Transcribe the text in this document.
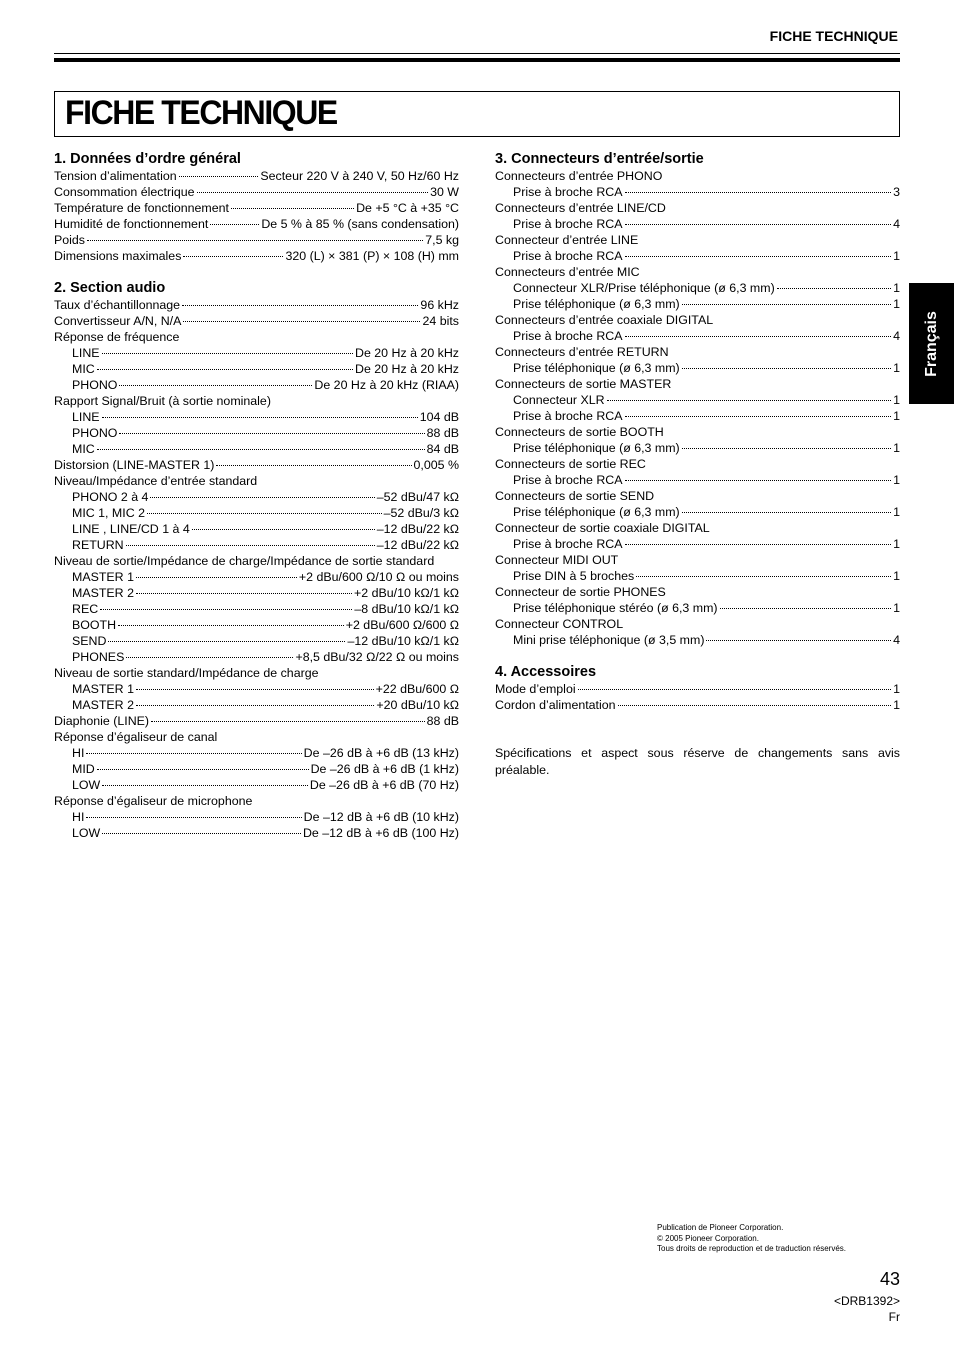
FICHE TECHNIQUE
FICHE TECHNIQUE
Français
1. Données d’ordre général
Tension d’alimentation	Secteur 220 V à 240 V, 50 Hz/60 Hz
Consommation électrique	30 W
Température de fonctionnement	De +5 °C à +35 °C
Humidité de fonctionnement	De 5 % à 85 % (sans condensation)
Poids	7,5 kg
Dimensions maximales	320 (L) × 381 (P) × 108 (H) mm
2. Section audio
Taux d’échantillonnage	96 kHz
Convertisseur A/N, N/A	24 bits
Réponse de fréquence
LINE	De 20 Hz à 20 kHz
MIC	De 20 Hz à 20 kHz
PHONO	De 20 Hz à 20 kHz (RIAA)
Rapport Signal/Bruit (à sortie nominale)
LINE	104 dB
PHONO	88 dB
MIC	84 dB
Distorsion (LINE-MASTER 1)	0,005 %
Niveau/Impédance d’entrée standard
PHONO 2 à 4	–52 dBu/47 kΩ
MIC 1, MIC 2	–52 dBu/3 kΩ
LINE , LINE/CD 1 à 4	–12 dBu/22 kΩ
RETURN	–12 dBu/22 kΩ
Niveau de sortie/Impédance de charge/Impédance de sortie standard
MASTER 1	+2 dBu/600 Ω/10 Ω ou moins
MASTER 2	+2 dBu/10 kΩ/1 kΩ
REC	–8 dBu/10 kΩ/1 kΩ
BOOTH	+2 dBu/600 Ω/600 Ω
SEND	–12 dBu/10 kΩ/1 kΩ
PHONES	+8,5 dBu/32 Ω/22 Ω ou moins
Niveau de sortie standard/Impédance de charge
MASTER 1	+22 dBu/600 Ω
MASTER 2	+20 dBu/10 kΩ
Diaphonie (LINE)	88 dB
Réponse d’égaliseur de canal
HI	De –26 dB à +6 dB (13 kHz)
MID	De –26 dB à +6 dB (1 kHz)
LOW	De –26 dB à +6 dB (70 Hz)
Réponse d’égaliseur de microphone
HI	De –12 dB à +6 dB (10 kHz)
LOW	De –12 dB à +6 dB (100 Hz)
3. Connecteurs d’entrée/sortie
Connecteurs d’entrée PHONO
Prise à broche RCA	3
Connecteurs d’entrée LINE/CD
Prise à broche RCA	4
Connecteur d’entrée LINE
Prise à broche RCA	1
Connecteurs d’entrée MIC
Connecteur XLR/Prise téléphonique (ø 6,3 mm)	1
Prise téléphonique (ø 6,3 mm)	1
Connecteurs d’entrée coaxiale DIGITAL
Prise à broche RCA	4
Connecteurs d’entrée RETURN
Prise téléphonique (ø 6,3 mm)	1
Connecteurs de sortie MASTER
Connecteur XLR	1
Prise à broche RCA	1
Connecteurs de sortie BOOTH
Prise téléphonique (ø 6,3 mm)	1
Connecteurs de sortie REC
Prise à broche RCA	1
Connecteurs de sortie SEND
Prise téléphonique (ø 6,3 mm)	1
Connecteur de sortie coaxiale DIGITAL
Prise à broche RCA	1
Connecteur MIDI OUT
Prise DIN à 5 broches	1
Connecteur de sortie PHONES
Prise téléphonique stéréo (ø 6,3 mm)	1
Connecteur CONTROL
Mini prise téléphonique (ø 3,5 mm)	4
4. Accessoires
Mode d’emploi	1
Cordon d’alimentation	1
Spécifications et aspect sous réserve de changements sans avis préalable.
Publication de Pioneer Corporation.
© 2005 Pioneer Corporation.
Tous droits de reproduction et de traduction réservés.
43
<DRB1392>
Fr
